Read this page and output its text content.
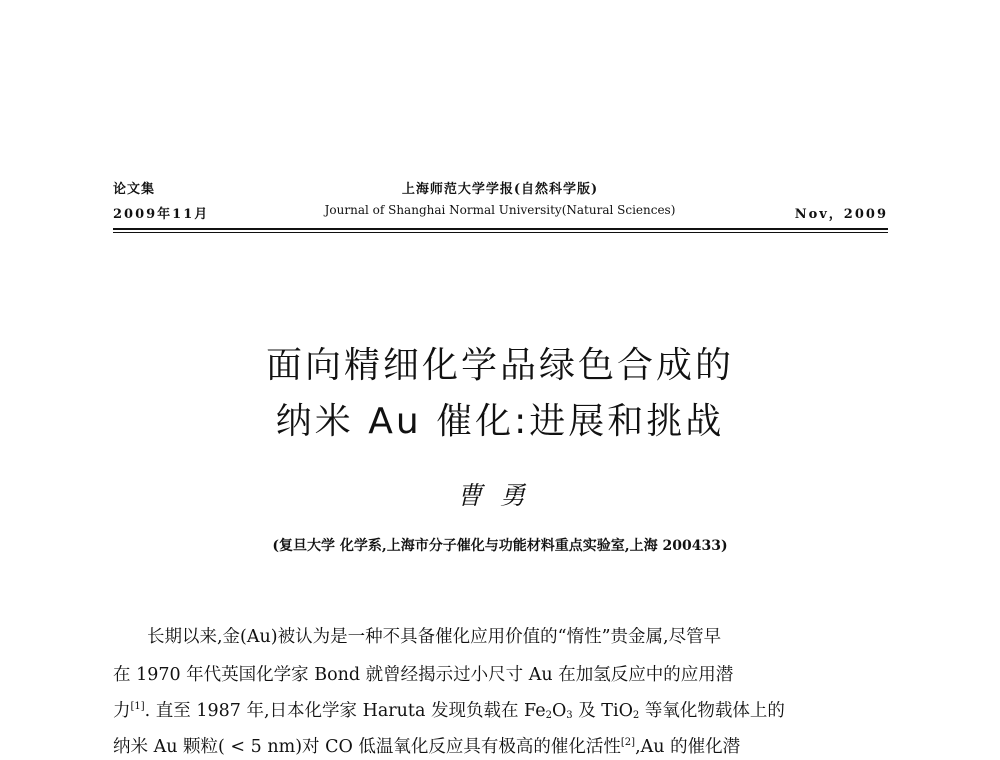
论文集
2009年11月
上海师范大学学报(自然科学版)
Journal of Shanghai Normal University(Natural Sciences)	Nov，2009
面向精细化学品绿色合成的
纳米 Au 催化:进展和挑战
曹勇
(复旦大学 化学系,上海市分子催化与功能材料重点实验室,上海 200433)
长期以来,金(Au)被认为是一种不具备催化应用价值的“惰性”贵金属,尽管早
在 1970 年代英国化学家 Bond 就曾经揭示过小尺寸 Au 在加氢反应中的应用潜
力[1]. 直至 1987 年,日本化学家 Haruta 发现负载在 $Fe_2O_3$ 及 TiO$_2$ 等氧化物载体上的
纳米 Au 颗粒( < 5 nm)对 CO 低温氧化反应具有极高的催化活性[2],Au 的催化潜
